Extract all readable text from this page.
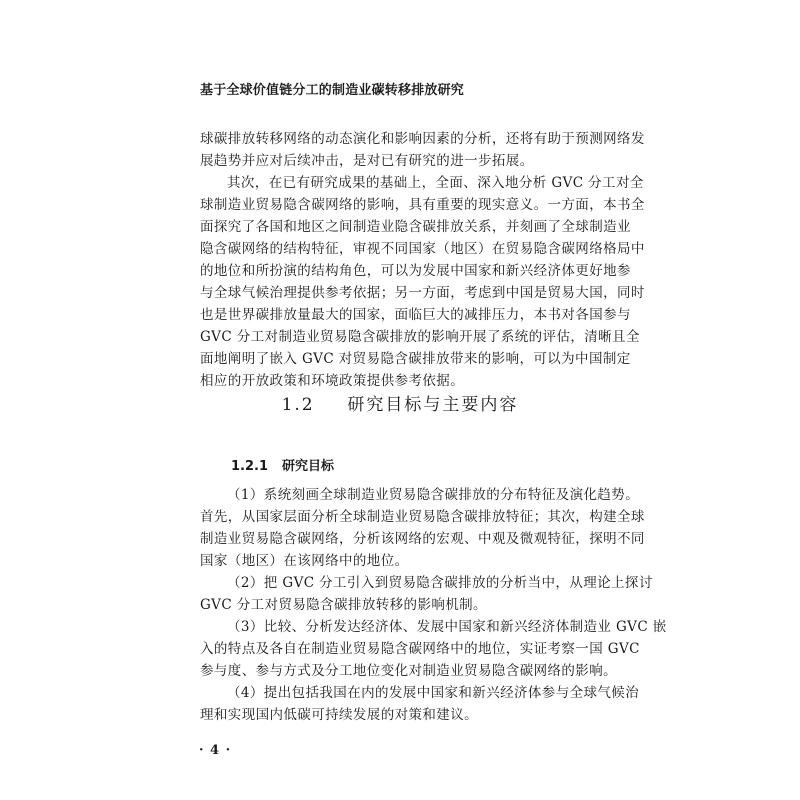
基于全球价值链分工的制造业碳转移排放研究
球碳排放转移网络的动态演化和影响因素的分析，还将有助于预测网络发
展趋势并应对后续冲击，是对已有研究的进一步拓展。
其次，在已有研究成果的基础上，全面、深入地分析 GVC 分工对全
球制造业贸易隐含碳网络的影响，具有重要的现实意义。一方面，本书全
面探究了各国和地区之间制造业隐含碳排放关系，并刻画了全球制造业
隐含碳网络的结构特征，审视不同国家（地区）在贸易隐含碳网络格局中
的地位和所扮演的结构角色，可以为发展中国家和新兴经济体更好地参
与全球气候治理提供参考依据；另一方面，考虑到中国是贸易大国，同时
也是世界碳排放量最大的国家，面临巨大的减排压力，本书对各国参与
GVC 分工对制造业贸易隐含碳排放的影响开展了系统的评估，清晰且全
面地阐明了嵌入 GVC 对贸易隐含碳排放带来的影响，可以为中国制定
相应的开放政策和环境政策提供参考依据。
1.2 研究目标与主要内容
1.2.1 研究目标
（1）系统刻画全球制造业贸易隐含碳排放的分布特征及演化趋势。
首先，从国家层面分析全球制造业贸易隐含碳排放特征；其次，构建全球
制造业贸易隐含碳网络，分析该网络的宏观、中观及微观特征，探明不同
国家（地区）在该网络中的地位。
（2）把 GVC 分工引入到贸易隐含碳排放的分析当中，从理论上探讨
GVC 分工对贸易隐含碳排放转移的影响机制。
（3）比较、分析发达经济体、发展中国家和新兴经济体制造业 GVC 嵌
入的特点及各自在制造业贸易隐含碳网络中的地位，实证考察一国 GVC
参与度、参与方式及分工地位变化对制造业贸易隐含碳网络的影响。
（4）提出包括我国在内的发展中国家和新兴经济体参与全球气候治
理和实现国内低碳可持续发展的对策和建议。
· 4 ·
